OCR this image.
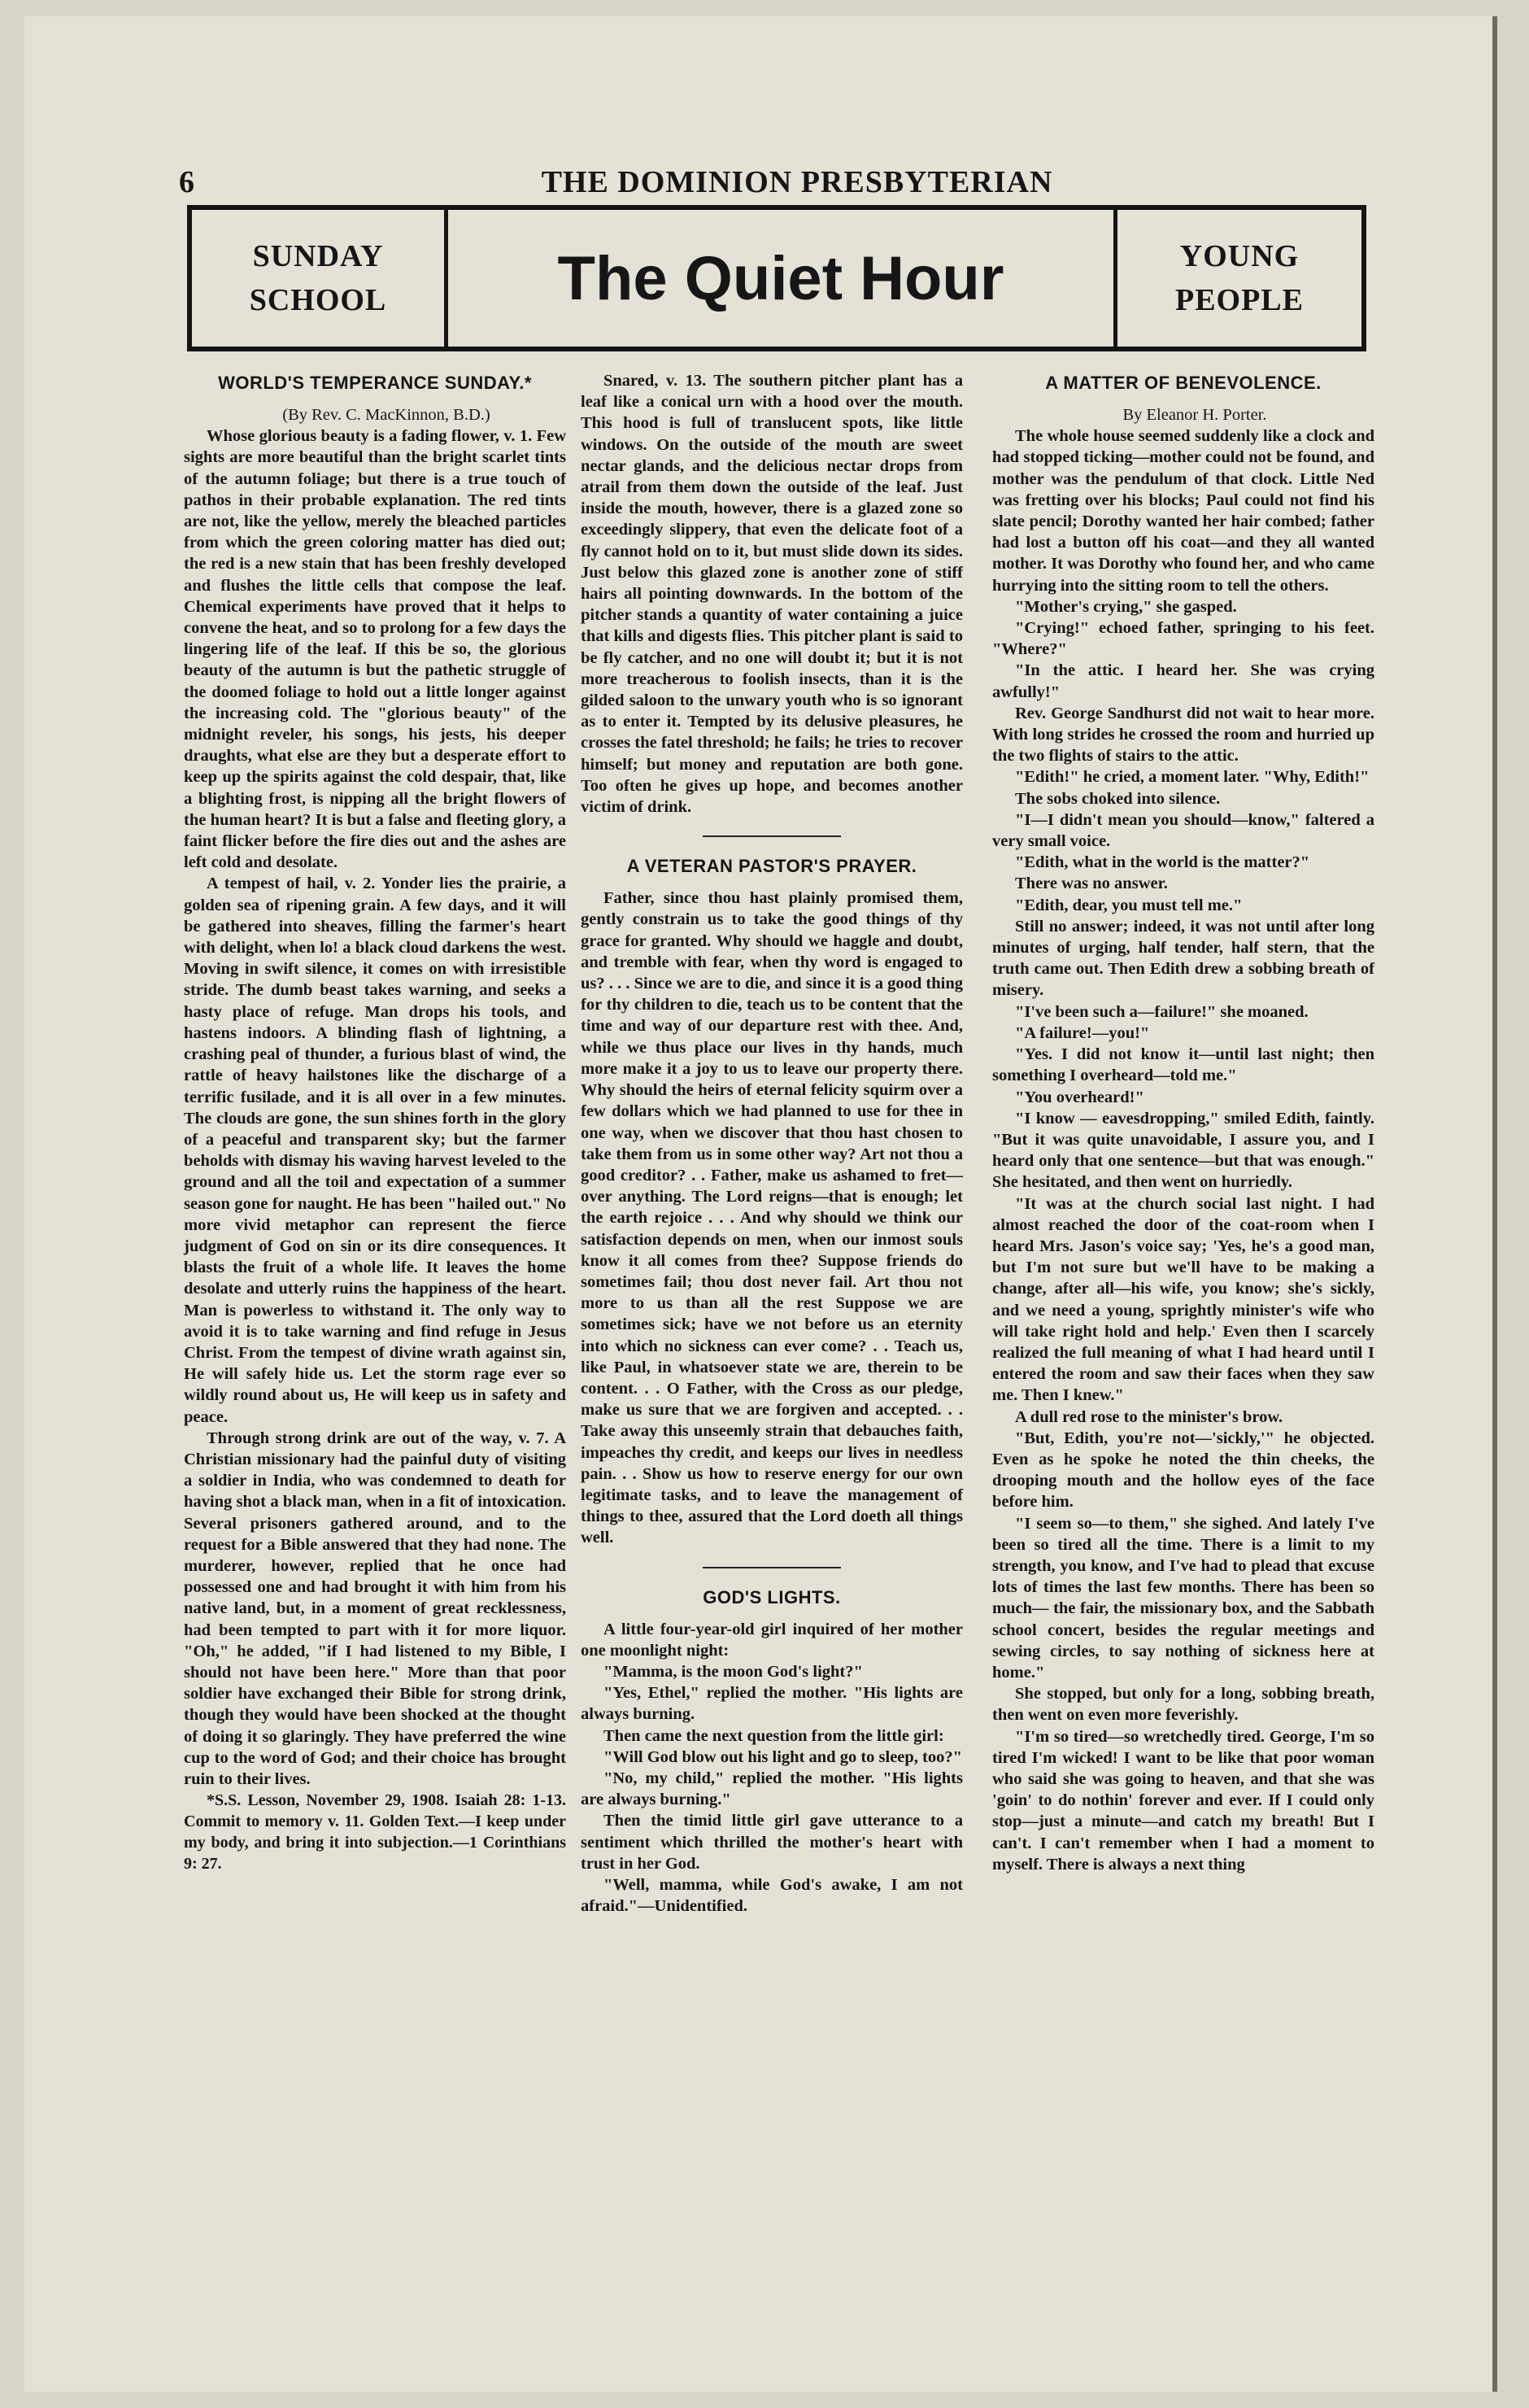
6	THE DOMINION PRESBYTERIAN
SUNDAY
SCHOOL	The Quiet Hour	YOUNG
PEOPLE
WORLD'S TEMPERANCE SUNDAY.*

(By Rev. C. MacKinnon, B.D.)

Whose glorious beauty is a fading flower, v. 1. Few sights are more beautiful than the bright scarlet tints of the autumn foliage; but there is a true touch of pathos in their probable explanation. The red tints are not, like the yellow, merely the bleached particles from which the green coloring matter has died out; the red is a new stain that has been freshly developed and flushes the little cells that compose the leaf. Chemical experiments have proved that it helps to convene the heat, and so to prolong for a few days the lingering life of the leaf. If this be so, the glorious beauty of the autumn is but the pathetic struggle of the doomed foliage to hold out a little longer against the increasing cold. The "glorious beauty" of the midnight reveler, his songs, his jests, his deeper draughts, what else are they but a desperate effort to keep up the spirits against the cold despair, that, like a blighting frost, is nipping all the bright flowers of the human heart? It is but a false and fleeting glory, a faint flicker before the fire dies out and the ashes are left cold and desolate.

A tempest of hail, v. 2. Yonder lies the prairie, a golden sea of ripening grain. A few days, and it will be gathered into sheaves, filling the farmer's heart with delight, when lo! a black cloud darkens the west. Moving in swift silence, it comes on with irresistible stride. The dumb beast takes warning, and seeks a hasty place of refuge. Man drops his tools, and hastens indoors. A blinding flash of lightning, a crashing peal of thunder, a furious blast of wind, the rattle of heavy hailstones like the discharge of a terrific fusilade, and it is all over in a few minutes. The clouds are gone, the sun shines forth in the glory of a peaceful and transparent sky; but the farmer beholds with dismay his waving harvest leveled to the ground and all the toil and expectation of a summer season gone for naught. He has been "hailed out." No more vivid metaphor can represent the fierce judgment of God on sin or its dire consequences. It blasts the fruit of a whole life. It leaves the home desolate and utterly ruins the happiness of the heart. Man is powerless to withstand it. The only way to avoid it is to take warning and find refuge in Jesus Christ. From the tempest of divine wrath against sin, He will safely hide us. Let the storm rage ever so wildly round about us, He will keep us in safety and peace.

Through strong drink are out of the way, v. 7. A Christian missionary had the painful duty of visiting a soldier in India, who was condemned to death for having shot a black man, when in a fit of intoxication. Several prisoners gathered around, and to the request for a Bible answered that they had none. The murderer, however, replied that he once had possessed one and had brought it with him from his native land, but, in a moment of great recklessness, had been tempted to part with it for more liquor. "Oh," he added, "if I had listened to my Bible, I should not have been here." More than that poor soldier have exchanged their Bible for strong drink, though they would have been shocked at the thought of doing it so glaringly. They have preferred the wine cup to the word of God; and their choice has brought ruin to their lives.

*S.S. Lesson, November 29, 1908. Isaiah 28: 1-13. Commit to memory v. 11. Golden Text.—I keep under my body, and bring it into subjection.—1 Corinthians 9: 27.

Snared, v. 13. The southern pitcher plant has a leaf like a conical urn with a hood over the mouth. This hood is full of translucent spots, like little windows. On the outside of the mouth are sweet nectar glands, and the delicious nectar drops from atrail from them down the outside of the leaf. Just inside the mouth, however, there is a glazed zone so exceedingly slippery, that even the delicate foot of a fly cannot hold on to it, but must slide down its sides. Just below this glazed zone is another zone of stiff hairs all pointing downwards. In the bottom of the pitcher stands a quantity of water containing a juice that kills and digests flies. This pitcher plant is said to be fly catcher, and no one will doubt it; but it is not more treacherous to foolish insects, than it is the gilded saloon to the unwary youth who is so ignorant as to enter it. Tempted by its delusive pleasures, he crosses the fatel threshold; he fails; he tries to recover himself; but money and reputation are both gone. Too often he gives up hope, and becomes another victim of drink.

A VETERAN PASTOR'S PRAYER.

Father, since thou hast plainly promised them, gently constrain us to take the good things of thy grace for granted. Why should we haggle and doubt, and tremble with fear, when thy word is engaged to us? . . . Since we are to die, and since it is a good thing for thy children to die, teach us to be content that the time and way of our departure rest with thee. And, while we thus place our lives in thy hands, much more make it a joy to us to leave our property there. Why should the heirs of eternal felicity squirm over a few dollars which we had planned to use for thee in one way, when we discover that thou hast chosen to take them from us in some other way? Art not thou a good creditor? . . Father, make us ashamed to fret—over anything. The Lord reigns—that is enough; let the earth rejoice . . . And why should we think our satisfaction depends on men, when our inmost souls know it all comes from thee? Suppose friends do sometimes fail; thou dost never fail. Art thou not more to us than all the rest Suppose we are sometimes sick; have we not before us an eternity into which no sickness can ever come? . . Teach us, like Paul, in whatsoever state we are, therein to be content. . . O Father, with the Cross as our pledge, make us sure that we are forgiven and accepted. . . Take away this unseemly strain that debauches faith, impeaches thy credit, and keeps our lives in needless pain. . . Show us how to reserve energy for our own legitimate tasks, and to leave the management of things to thee, assured that the Lord doeth all things well.

GOD'S LIGHTS.

A little four-year-old girl inquired of her mother one moonlight night:

"Mamma, is the moon God's light?"

"Yes, Ethel," replied the mother. "His lights are always burning.

Then came the next question from the little girl:

"Will God blow out his light and go to sleep, too?"

"No, my child," replied the mother. "His lights are always burning."

Then the timid little girl gave utterance to a sentiment which thrilled the mother's heart with trust in her God.

"Well, mamma, while God's awake, I am not afraid."—Unidentified.

A MATTER OF BENEVOLENCE.

By Eleanor H. Porter.

The whole house seemed suddenly like a clock and had stopped ticking—mother could not be found, and mother was the pendulum of that clock. Little Ned was fretting over his blocks; Paul could not find his slate pencil; Dorothy wanted her hair combed; father had lost a button off his coat—and they all wanted mother. It was Dorothy who found her, and who came hurrying into the sitting room to tell the others.

"Mother's crying," she gasped.

"Crying!" echoed father, springing to his feet. "Where?"

"In the attic. I heard her. She was crying awfully!"

Rev. George Sandhurst did not wait to hear more. With long strides he crossed the room and hurried up the two flights of stairs to the attic.

"Edith!" he cried, a moment later. "Why, Edith!"

The sobs choked into silence.

"I—I didn't mean you should—know," faltered a very small voice.

"Edith, what in the world is the matter?"

There was no answer.

"Edith, dear, you must tell me."

Still no answer; indeed, it was not until after long minutes of urging, half tender, half stern, that the truth came out. Then Edith drew a sobbing breath of misery.

"I've been such a—failure!" she moaned.

"A failure!—you!"

"Yes. I did not know it—until last night; then something I overheard—told me."

"You overheard!"

"I know — eavesdropping," smiled Edith, faintly. "But it was quite unavoidable, I assure you, and I heard only that one sentence—but that was enough." She hesitated, and then went on hurriedly.

"It was at the church social last night. I had almost reached the door of the coat-room when I heard Mrs. Jason's voice say; 'Yes, he's a good man, but I'm not sure but we'll have to be making a change, after all—his wife, you know; she's sickly, and we need a young, sprightly minister's wife who will take right hold and help.' Even then I scarcely realized the full meaning of what I had heard until I entered the room and saw their faces when they saw me. Then I knew."

A dull red rose to the minister's brow.

"But, Edith, you're not—'sickly,'" he objected. Even as he spoke he noted the thin cheeks, the drooping mouth and the hollow eyes of the face before him.

"I seem so—to them," she sighed. And lately I've been so tired all the time. There is a limit to my strength, you know, and I've had to plead that excuse lots of times the last few months. There has been so much— the fair, the missionary box, and the Sabbath school concert, besides the regular meetings and sewing circles, to say nothing of sickness here at home."

She stopped, but only for a long, sobbing breath, then went on even more feverishly.

"I'm so tired—so wretchedly tired. George, I'm so tired I'm wicked! I want to be like that poor woman who said she was going to heaven, and that she was 'goin' to do nothin' forever and ever. If I could only stop—just a minute—and catch my breath! But I can't. I can't remember when I had a moment to myself. There is always a next thing
